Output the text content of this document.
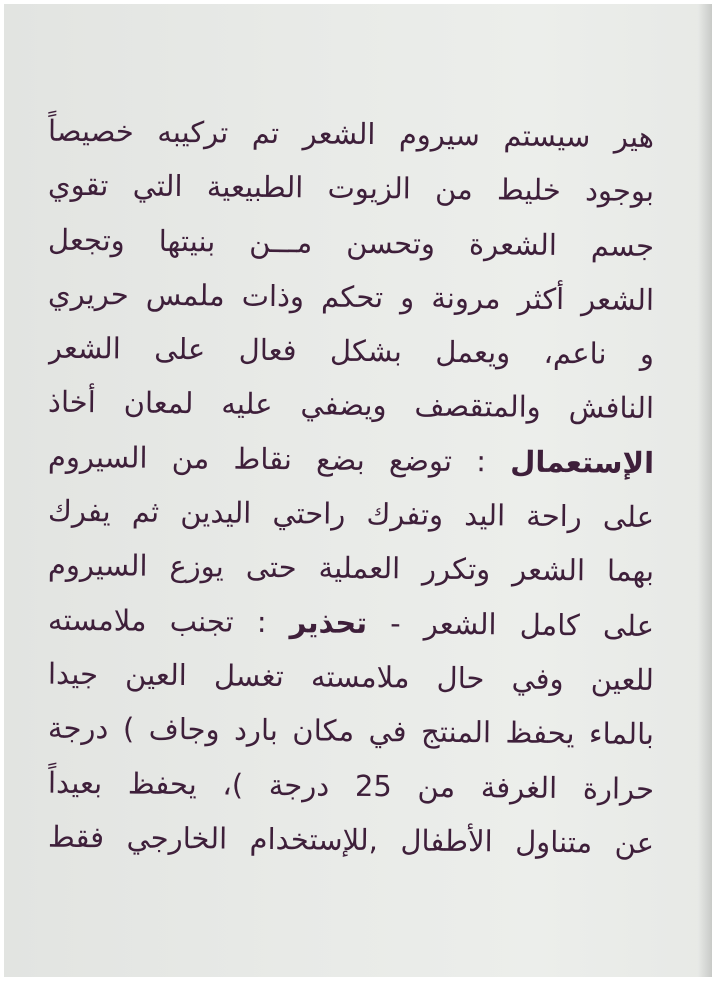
هير سيستم سيروم الشعر تم تركيبه خصيصاً
بوجود خليط من الزيوت الطبيعية التي تقوي
جسم الشعرة وتحسن مـــن بنيتها وتجعل
الشعر أكثر مرونة و تحكم وذات ملمس حريري
و ناعم، ويعمل بشكل فعال على الشعر
النافش والمتقصف ويضفي عليه لمعان أخاذ
الإستعمال : توضع بضع نقاط من السيروم
على راحة اليد وتفرك راحتي اليدين ثم يفرك
بهما الشعر وتكرر العملية حتى يوزع السيروم
على كامل الشعر - تحذير : تجنب ملامسته
للعين وفي حال ملامسته تغسل العين جيدا
بالماء يحفظ المنتج في مكان بارد وجاف ) درجة
حرارة الغرفة من 25 درجة )، يحفظ بعيداً
عن متناول الأطفال ,للإستخدام الخارجي فقط
